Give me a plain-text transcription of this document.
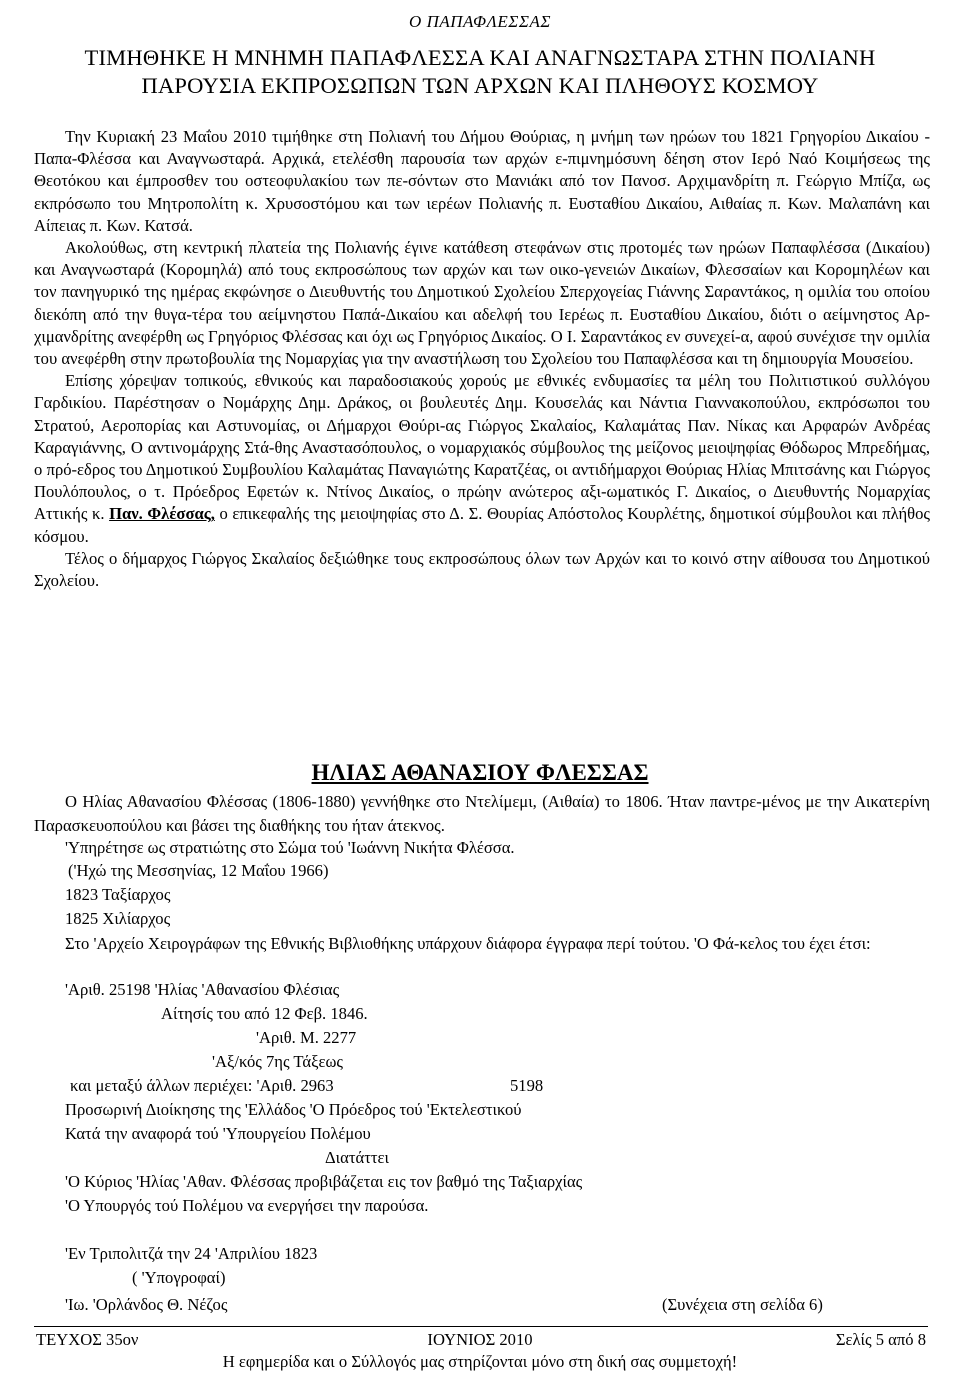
Ο ΠΑΠΑΦΛΕΣΣΑΣ
ΤΙΜΗΘΗΚΕ Η ΜΝΗΜΗ ΠΑΠΑΦΛΕΣΣΑ ΚΑΙ ΑΝΑΓΝΩΣΤΑΡΑ ΣΤΗΝ ΠΟΛΙΑΝΗ
ΠΑΡΟΥΣΙΑ ΕΚΠΡΟΣΩΠΩΝ ΤΩΝ ΑΡΧΩΝ ΚΑΙ ΠΛΗΘΟΥΣ ΚΟΣΜΟΥ

Την Κυριακή 23 Μαΐου 2010 τιμήθηκε στη Πολιανή του Δήμου Θούριας, η μνήμη των ηρώων του 1821 Γρηγορίου Δικαίου - Παπα-Φλέσσα και Αναγνωσταρά. Αρχικά, ετελέσθη παρουσία των αρχών ε-πιμνημόσυνη δέηση στον Ιερό Ναό Κοιμήσεως της Θεοτόκου και έμπροσθεν του οστεοφυλακίου των πε-σόντων στο Μανιάκι από τον Πανοσ. Αρχιμανδρίτη π. Γεώργιο Μπίζα, ως εκπρόσωπο του Μητροπολίτη κ. Χρυσοστόμου και των ιερέων Πολιανής π. Ευσταθίου Δικαίου, Αιθαίας π. Κων. Μαλαπάνη και Αίπειας π. Κων. Κατσά.

Ακολούθως, στη κεντρική πλατεία της Πολιανής έγινε κατάθεση στεφάνων στις προτομές των ηρώων Παπαφλέσσα (Δικαίου) και Αναγνωσταρά (Κορομηλά) από τους εκπροσώπους των αρχών και των οικο-γενειών Δικαίων, Φλεσσαίων και Κορομηλέων και τον πανηγυρικό της ημέρας εκφώνησε ο Διευθυντής του Δημοτικού Σχολείου Σπερχογείας Γιάννης Σαραντάκος, η ομιλία του οποίου διεκόπη από την θυγα-τέρα του αείμνηστου Παπά-Δικαίου και αδελφή του Ιερέως π. Ευσταθίου Δικαίου, διότι ο αείμνηστος Αρ-χιμανδρίτης ανεφέρθη ως Γρηγόριος Φλέσσας και όχι ως Γρηγόριος Δικαίος. Ο Ι. Σαραντάκος εν συνεχεί-α, αφού συνέχισε την ομιλία του ανεφέρθη στην πρωτοβουλία της Νομαρχίας για την αναστήλωση του Σχολείου του Παπαφλέσσα και τη δημιουργία Μουσείου.

Επίσης χόρεψαν τοπικούς, εθνικούς και παραδοσιακούς χορούς με εθνικές ενδυμασίες τα μέλη του Πολιτιστικού συλλόγου Γαρδικίου. Παρέστησαν ο Νομάρχης Δημ. Δράκος, οι βουλευτές Δημ. Κουσελάς και Νάντια Γιαννακοπούλου, εκπρόσωποι του Στρατού, Αεροπορίας και Αστυνομίας, οι Δήμαρχοι Θούρι-ας Γιώργος Σκαλαίος, Καλαμάτας Παν. Νίκας και Αρφαρών Ανδρέας Καραγιάννης, Ο αντινομάρχης Στά-θης Αναστασόπουλος, ο νομαρχιακός σύμβουλος της μείζονος μειοψηφίας Θόδωρος Μπρεδήμας, ο πρό-εδρος του Δημοτικού Συμβουλίου Καλαμάτας Παναγιώτης Καρατζέας, οι αντιδήμαρχοι Θούριας Ηλίας Μπιτσάνης και Γιώργος Πουλόπουλος, ο τ. Πρόεδρος Εφετών κ. Ντίνος Δικαίος, ο πρώην ανώτερος αξι-ωματικός Γ. Δικαίος, ο Διευθυντής Νομαρχίας Αττικής κ. Παν. Φλέσσας, ο επικεφαλής της μειοψηφίας στο Δ. Σ. Θουρίας Απόστολος Κουρλέτης, δημοτικοί σύμβουλοι και πλήθος κόσμου.

Τέλος ο δήμαρχος Γιώργος Σκαλαίος δεξιώθηκε τους εκπροσώπους όλων των Αρχών και το κοινό στην αίθουσα του Δημοτικού Σχολείου.

ΗΛΙΑΣ ΑΘΑΝΑΣΙΟΥ ΦΛΕΣΣΑΣ

Ο Ηλίας Αθανασίου Φλέσσας (1806-1880) γεννήθηκε στο Ντελίμεμι, (Αιθαία) το 1806. Ήταν παντρε-μένος με την Αικατερίνη Παρασκευοπούλου και βάσει της διαθήκης του ήταν άτεκνος.

'Υπηρέτησε ως στρατιώτης στο Σώμα τού 'Ιωάννη Νικήτα Φλέσσα.
('Ηχώ της Μεσσηνίας, 12 Μαΐου 1966)
1823 Ταξίαρχος
1825 Χιλίαρχος

Στο 'Αρχείο Χειρογράφων της Εθνικής Βιβλιοθήκης υπάρχουν διάφορα έγγραφα περί τούτου. 'Ο Φά-κελος του έχει έτσι:

'Αριθ. 25198 'Ηλίας 'Αθανασίου Φλέσιας
Αίτησίς του από 12 Φεβ. 1846.
'Αριθ. Μ. 2277
'Αξ/κός 7ης Τάξεως
και μεταξύ άλλων περιέχει: 'Αριθ. 2963	5198
Προσωρινή Διοίκησης της 'Ελλάδος 'Ο Πρόεδρος τού 'Εκτελεστικού
Κατά την αναφορά τού 'Υπουργείου Πολέμου
Διατάττει
'Ο Κύριος 'Ηλίας 'Αθαν. Φλέσσας προβιβάζεται εις τον βαθμό της Ταξιαρχίας
'Ο Υπουργός τού Πολέμου να ενεργήσει την παρούσα.
'Εν Τριπολιτζά την 24 'Απριλίου 1823
( 'Υπογροφαί)
'Ιω. 'Ορλάνδος Θ. Νέζος	(Συνέχεια στη σελίδα 6)
ΤΕΥΧΟΣ 35ον	ΙΟΥΝΙΟΣ 2010	Σελίς 5 από 8
Η εφημερίδα και ο Σύλλογός μας στηρίζονται μόνο στη δική σας συμμετοχή!
